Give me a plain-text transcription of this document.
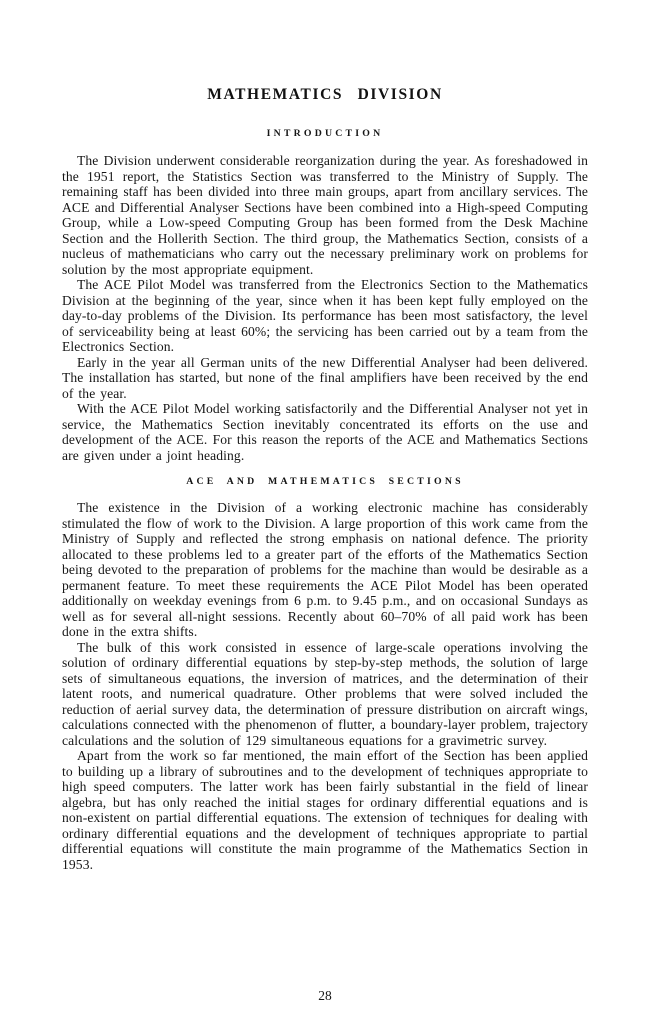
MATHEMATICS DIVISION
INTRODUCTION

The Division underwent considerable reorganization during the year. As foreshadowed in the 1951 report, the Statistics Section was transferred to the Ministry of Supply. The remaining staff has been divided into three main groups, apart from ancillary services. The ACE and Differential Analyser Sections have been combined into a High-speed Computing Group, while a Low-speed Computing Group has been formed from the Desk Machine Section and the Hollerith Section. The third group, the Mathematics Section, consists of a nucleus of mathematicians who carry out the necessary preliminary work on problems for solution by the most appropriate equipment.

The ACE Pilot Model was transferred from the Electronics Section to the Mathematics Division at the beginning of the year, since when it has been kept fully employed on the day-to-day problems of the Division. Its performance has been most satisfactory, the level of serviceability being at least 60%; the servicing has been carried out by a team from the Electronics Section.

Early in the year all German units of the new Differential Analyser had been delivered. The installation has started, but none of the final amplifiers have been received by the end of the year.

With the ACE Pilot Model working satisfactorily and the Differential Analyser not yet in service, the Mathematics Section inevitably concentrated its efforts on the use and development of the ACE. For this reason the reports of the ACE and Mathematics Sections are given under a joint heading.

ACE AND MATHEMATICS SECTIONS

The existence in the Division of a working electronic machine has considerably stimulated the flow of work to the Division. A large proportion of this work came from the Ministry of Supply and reflected the strong emphasis on national defence. The priority allocated to these problems led to a greater part of the efforts of the Mathematics Section being devoted to the preparation of problems for the machine than would be desirable as a permanent feature. To meet these requirements the ACE Pilot Model has been operated additionally on weekday evenings from 6 p.m. to 9.45 p.m., and on occasional Sundays as well as for several all-night sessions. Recently about 60–70% of all paid work has been done in the extra shifts.

The bulk of this work consisted in essence of large-scale operations involving the solution of ordinary differential equations by step-by-step methods, the solution of large sets of simultaneous equations, the inversion of matrices, and the determination of their latent roots, and numerical quadrature. Other problems that were solved included the reduction of aerial survey data, the determination of pressure distribution on aircraft wings, calculations connected with the phenomenon of flutter, a boundary-layer problem, trajectory calculations and the solution of 129 simultaneous equations for a gravimetric survey.

Apart from the work so far mentioned, the main effort of the Section has been applied to building up a library of subroutines and to the development of techniques appropriate to high speed computers. The latter work has been fairly substantial in the field of linear algebra, but has only reached the initial stages for ordinary differential equations and is non-existent on partial differential equations. The extension of techniques for dealing with ordinary differential equations and the development of techniques appropriate to partial differential equations will constitute the main programme of the Mathematics Section in 1953.

28
